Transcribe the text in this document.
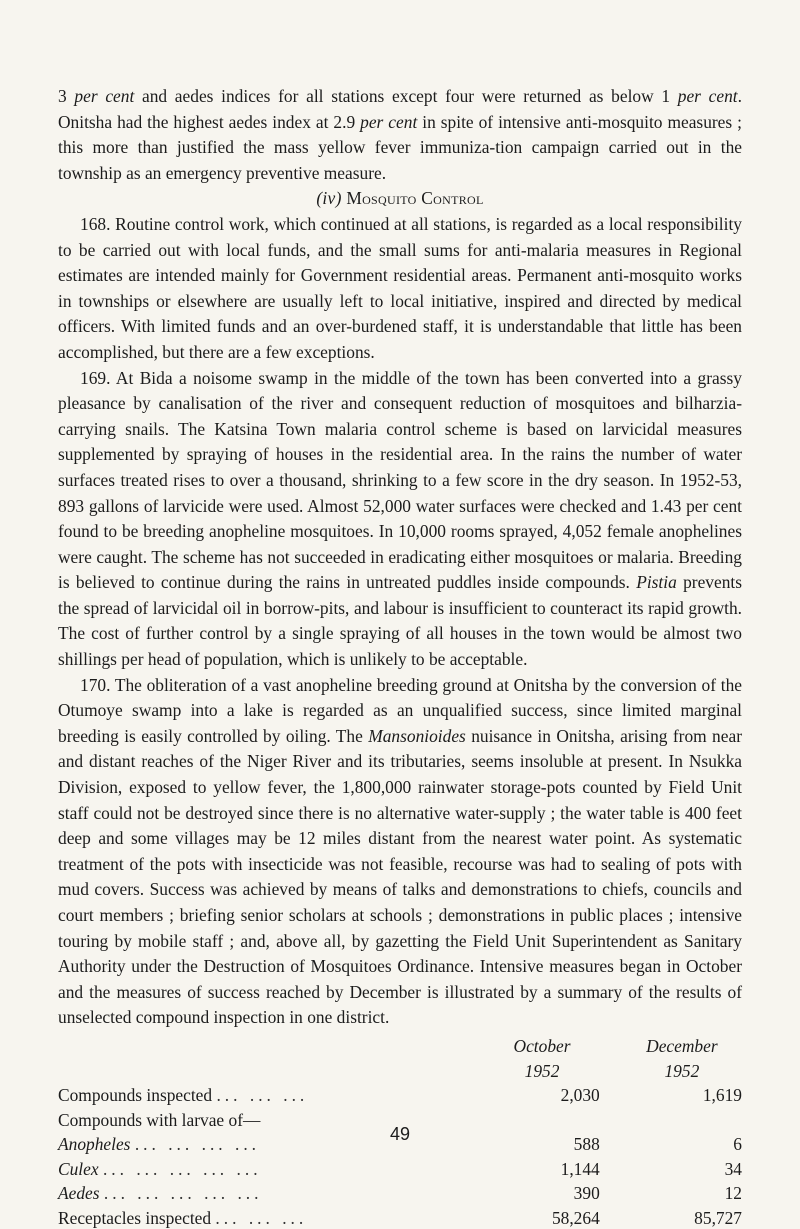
3 per cent and aedes indices for all stations except four were returned as below 1 per cent. Onitsha had the highest aedes index at 2.9 per cent in spite of intensive anti-mosquito measures ; this more than justified the mass yellow fever immuniza-tion campaign carried out in the township as an emergency preventive measure.

(iv) Mosquito Control

168. Routine control work, which continued at all stations, is regarded as a local responsibility to be carried out with local funds, and the small sums for anti-malaria measures in Regional estimates are intended mainly for Government residential areas. Permanent anti-mosquito works in townships or elsewhere are usually left to local initiative, inspired and directed by medical officers. With limited funds and an over-burdened staff, it is understandable that little has been accomplished, but there are a few exceptions.

169. At Bida a noisome swamp in the middle of the town has been converted into a grassy pleasance by canalisation of the river and consequent reduction of mosquitoes and bilharzia-carrying snails. The Katsina Town malaria control scheme is based on larvicidal measures supplemented by spraying of houses in the residential area. In the rains the number of water surfaces treated rises to over a thousand, shrinking to a few score in the dry season. In 1952-53, 893 gallons of larvicide were used. Almost 52,000 water surfaces were checked and 1.43 per cent found to be breeding anopheline mosquitoes. In 10,000 rooms sprayed, 4,052 female anophelines were caught. The scheme has not succeeded in eradicating either mosquitoes or malaria. Breeding is believed to continue during the rains in untreated puddles inside compounds. Pistia prevents the spread of larvicidal oil in borrow-pits, and labour is insufficient to counteract its rapid growth. The cost of further control by a single spraying of all houses in the town would be almost two shillings per head of population, which is unlikely to be acceptable.

170. The obliteration of a vast anopheline breeding ground at Onitsha by the conversion of the Otumoye swamp into a lake is regarded as an unqualified success, since limited marginal breeding is easily controlled by oiling. The Mansonioides nuisance in Onitsha, arising from near and distant reaches of the Niger River and its tributaries, seems insoluble at present. In Nsukka Division, exposed to yellow fever, the 1,800,000 rainwater storage-pots counted by Field Unit staff could not be destroyed since there is no alternative water-supply ; the water table is 400 feet deep and some villages may be 12 miles distant from the nearest water point. As systematic treatment of the pots with insecticide was not feasible, recourse was had to sealing of pots with mud covers. Success was achieved by means of talks and demonstrations to chiefs, councils and court members ; briefing senior scholars at schools ; demonstrations in public places ; intensive touring by mobile staff ; and, above all, by gazetting the Field Unit Superintendent as Sanitary Authority under the Destruction of Mosquitoes Ordinance. Intensive measures began in October and the measures of success reached by December is illustrated by a summary of the results of unselected compound inspection in one district.

	October	December
	1952	1952
Compounds inspected ... ... ...	2,030	1,619
Compounds with larvae of—		
Anopheles ... ... ... ...	588	6
Culex ... ... ... ... ...	1,144	34
Aedes ... ... ... ... ...	390	12
Receptacles inspected ... ... ...	58,264	85,727
49
